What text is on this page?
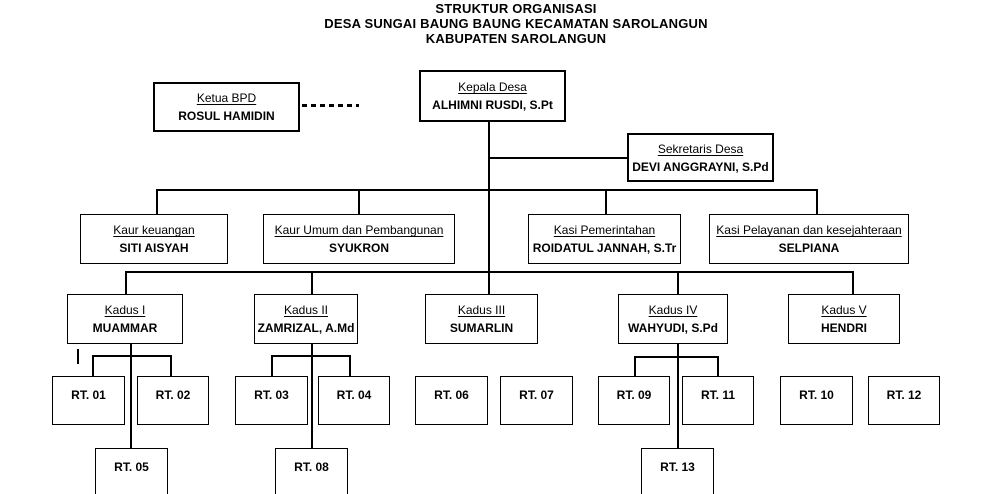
STRUKTUR ORGANISASI
DESA SUNGAI BAUNG BAUNG KECAMATAN SAROLANGUN
KABUPATEN SAROLANGUN
Ketua BPD
ROSUL HAMIDIN
Kepala Desa
ALHIMNI RUSDI, S.Pt
Sekretaris Desa
DEVI ANGGRAYNI, S.Pd
Kaur keuangan
SITI AISYAH
Kaur Umum dan Pembangunan
SYUKRON
Kasi Pemerintahan
ROIDATUL JANNAH, S.Tr
Kasi Pelayanan dan kesejahteraan
SELPIANA
Kadus I
MUAMMAR
Kadus II
ZAMRIZAL, A.Md
Kadus III
SUMARLIN
Kadus IV
WAHYUDI, S.Pd
Kadus V
HENDRI
RT. 01	RT. 02	RT. 03	RT. 04	RT. 06	RT. 07	RT. 09	RT. 11	RT. 10	RT. 12
RT. 05	RT. 08	RT. 13
